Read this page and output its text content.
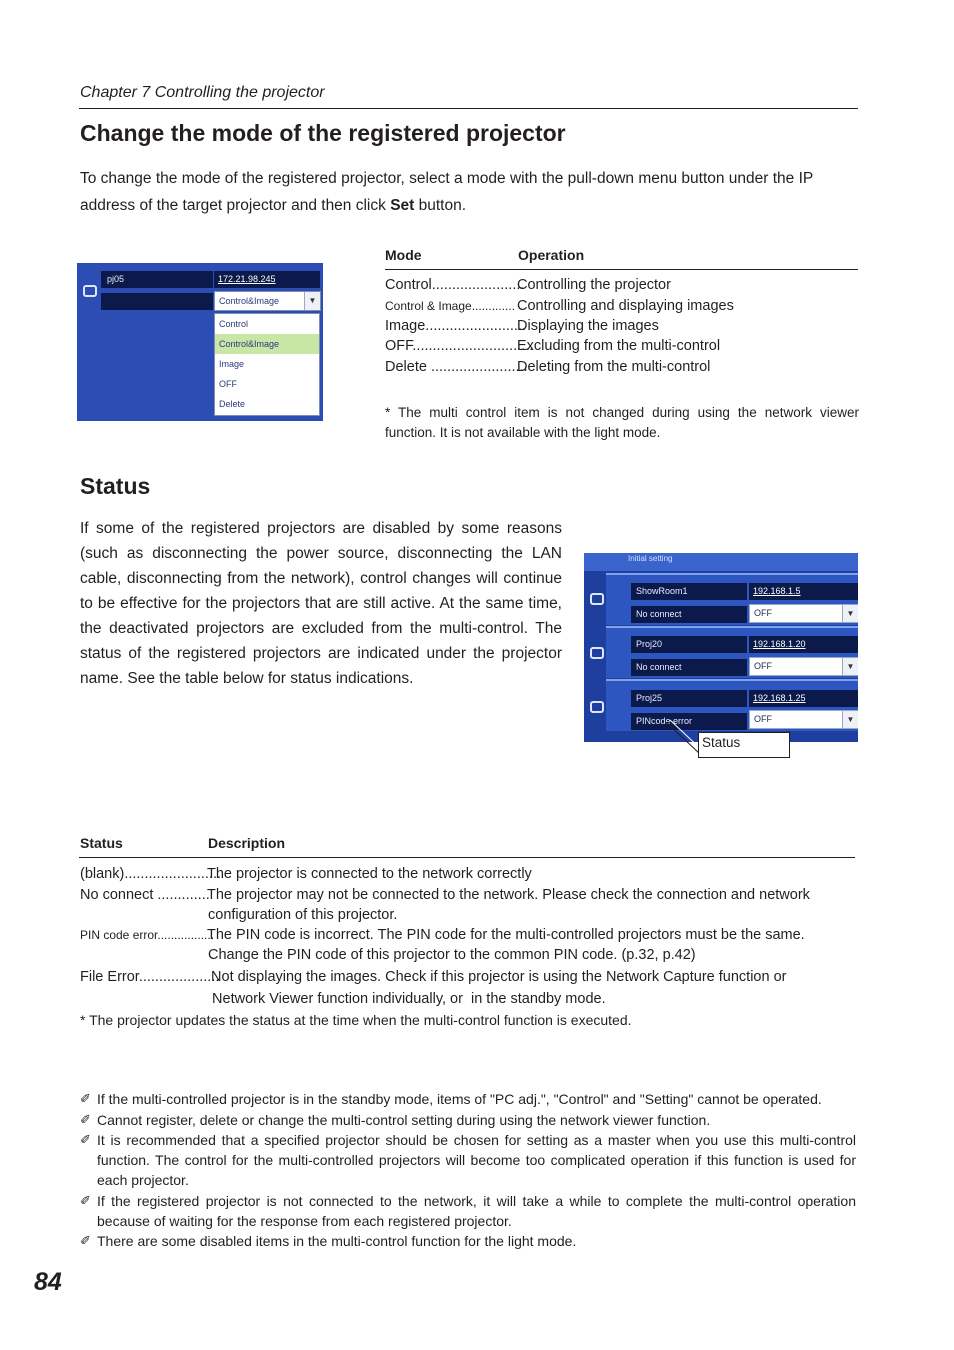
Chapter 7 Controlling the projector
Change the mode of the registered projector
To change the mode of the registered projector, select a mode with the pull-down menu button under the IP address of the target projector and then click Set button.
pj05	172.21.98.245
Control&Image	▼
Control
Control&Image
Image
OFF
Delete
Mode	Operation
Control.......................Controlling the projector
Control & Image............. Controlling and displaying images
Image.........................Displaying the images
OFF..............................Excluding from the multi-control
Delete ........................Deleting from the multi-control
* The multi control item is not changed during using the network viewer function. It is not available with the light mode.
Status
If some of the registered projectors are disabled by some reasons (such as disconnecting the power source, disconnecting the LAN cable, disconnecting from the network), control changes will continue to be effective for the projectors that are still active. At the same time, the deactivated projectors are excluded from the multi-control. The status of the registered projectors are indicated under the projector name. See the table below for status indications.
Initial setting
ShowRoom1	192.168.1.5
No connect	OFF	▼
Proj20	192.168.1.20
No connect	OFF	▼
Proj25	192.168.1.25
PINcode error	OFF	▼
Status
Status	Description
(blank)........................The projector is connected to the network correctly
No connect .............The projector may not be connected to the network. Please check the connection and network
configuration of this projector.
PIN code error.................The PIN code is incorrect. The PIN code for the multi-controlled projectors must be the same.
Change the PIN code of this projector to the common PIN code. (p.32, p.42)
File Error.................... Not displaying the images. Check if this projector is using the Network Capture function or
Network Viewer function individually, or  in the standby mode.
* The projector updates the status at the time when the multi-control function is executed.
✐ If the multi-controlled projector is in the standby mode, items of "PC adj.", "Control" and "Setting" cannot be operated.
✐ Cannot register, delete or change the multi-control setting during using the network viewer function.
✐ It is recommended that a specified projector should be chosen for setting as a master when you use this multi-control function. The control for the multi-controlled projectors will become too complicated operation if this function is used for each projector.
✐ If the registered projector is not connected to the network, it will take a while to complete the multi-control operation because of waiting for the response from each registered projector.
✐ There are some disabled items in the multi-control function for the light mode.
84
